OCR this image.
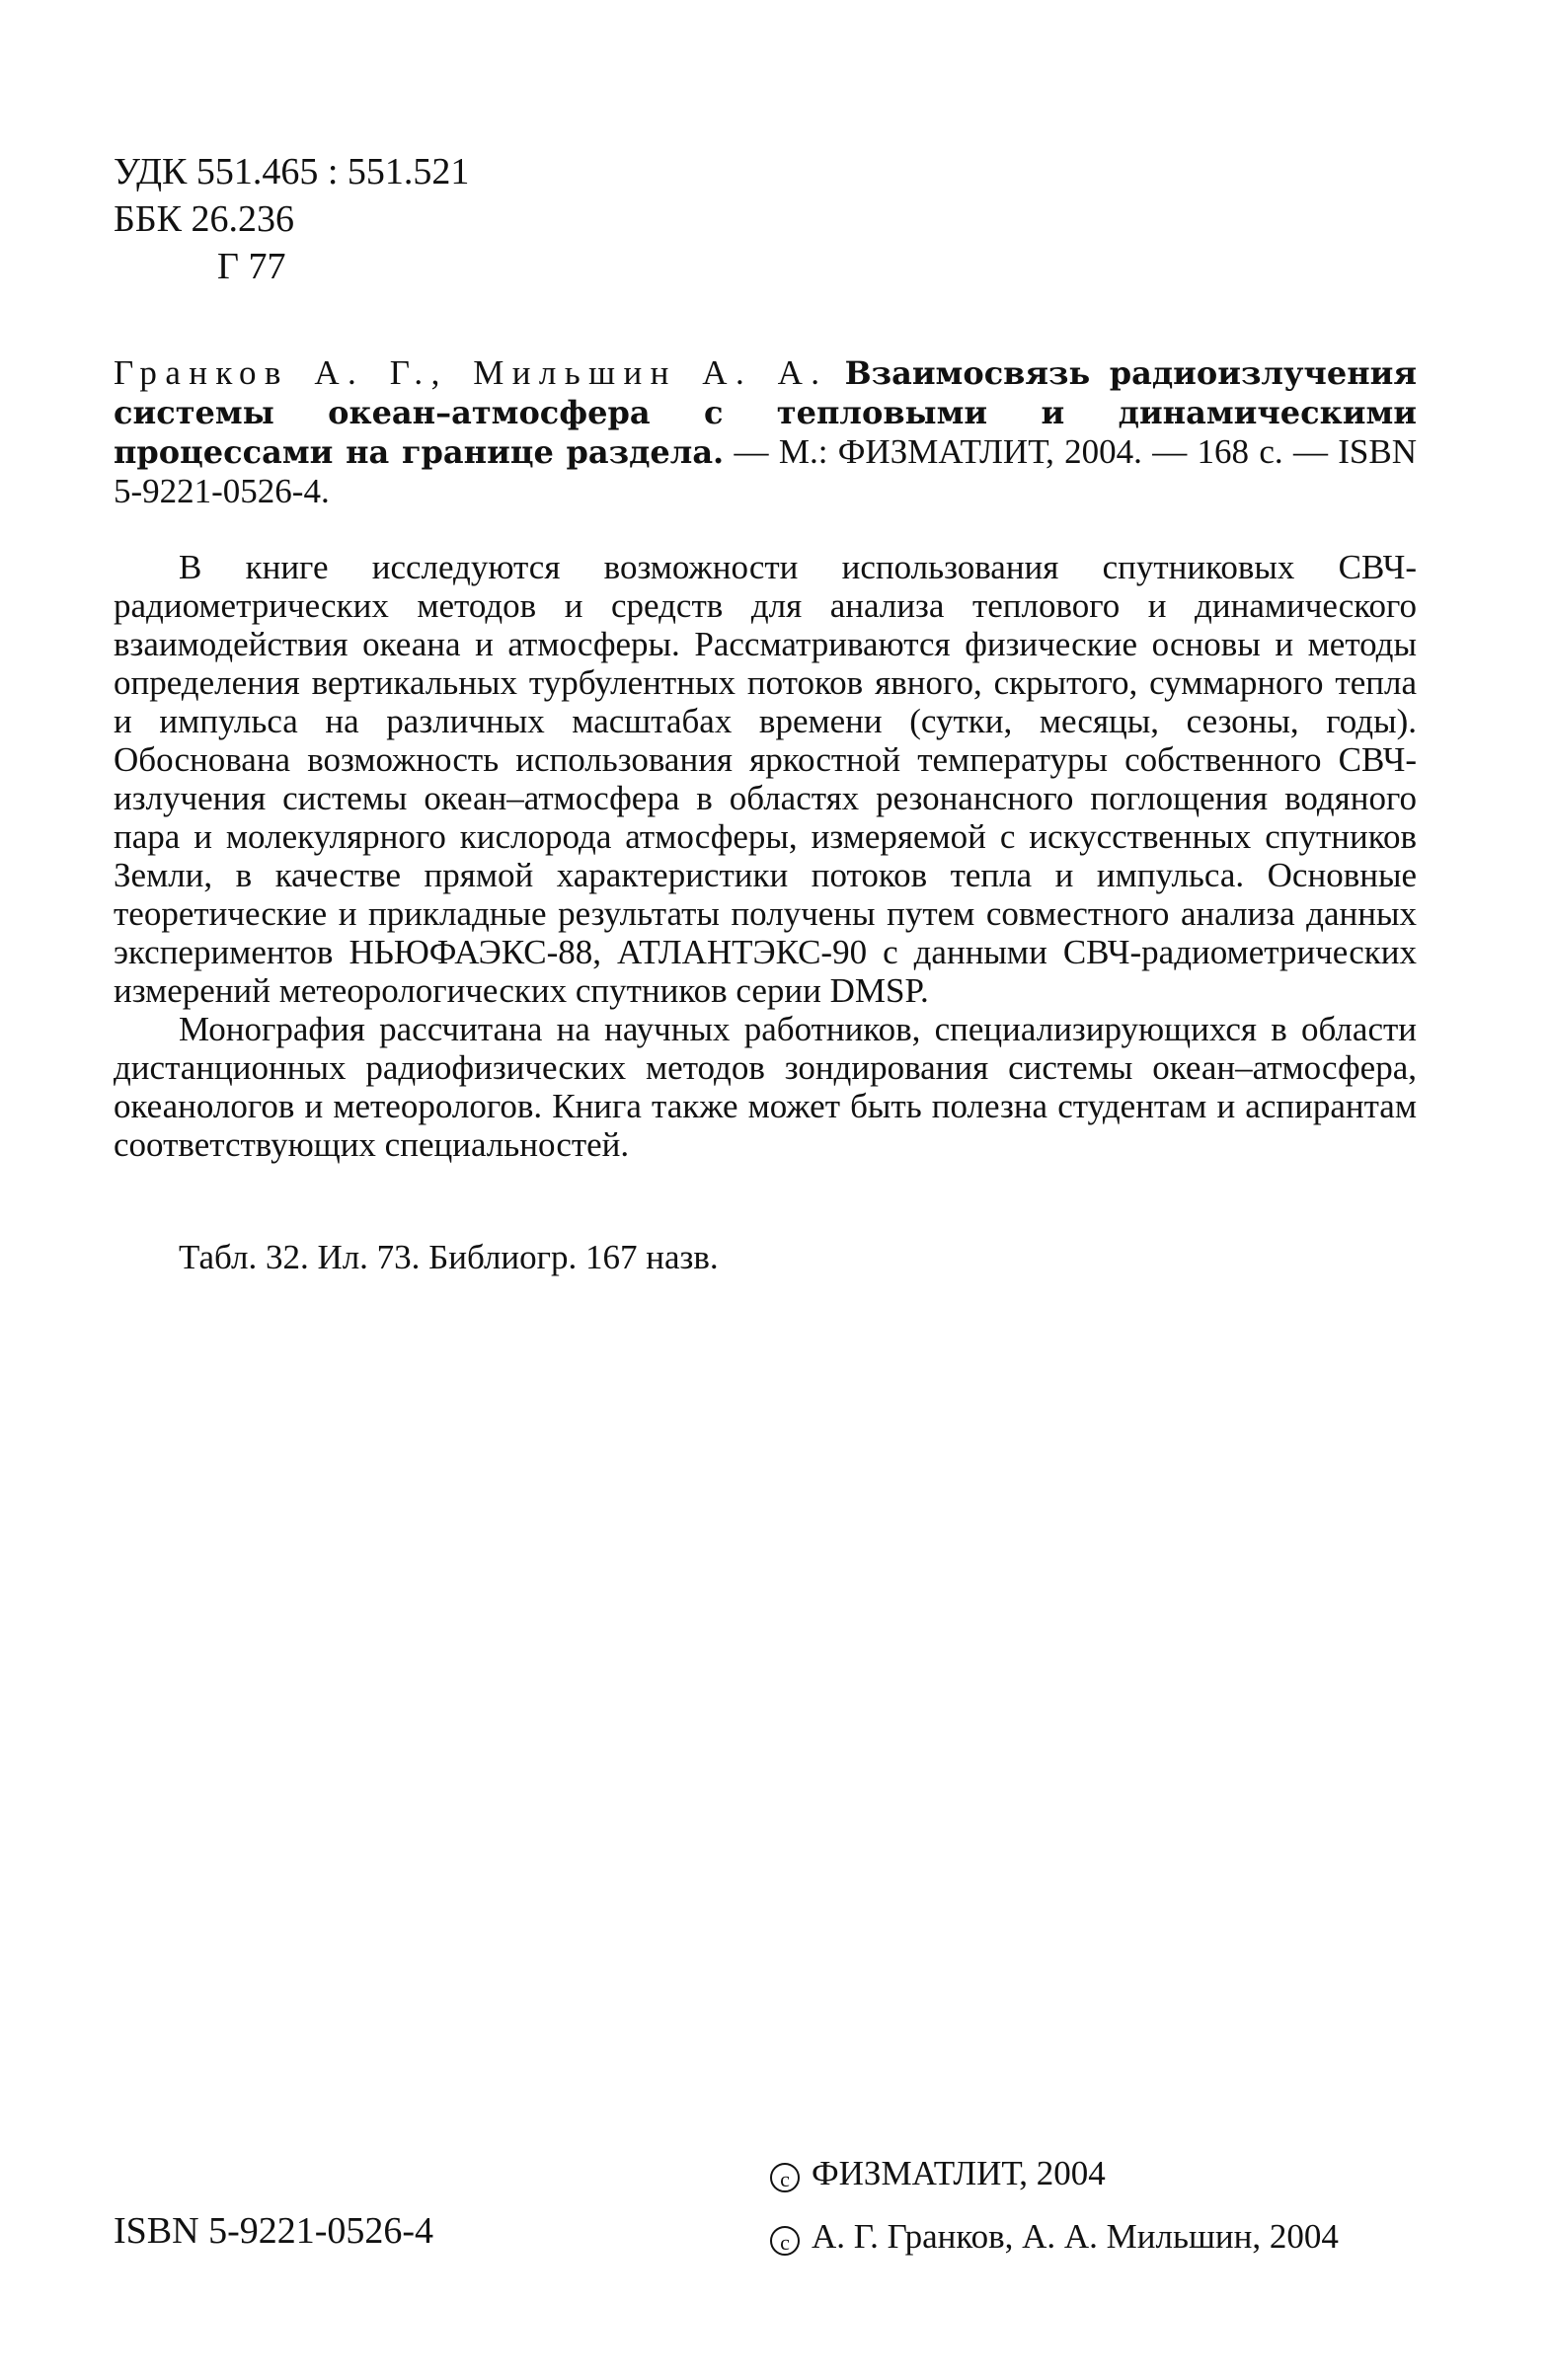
УДК 551.465 : 551.521
ББК 26.236
Г 77
Гранков А. Г., Мильшин А. А. Взаимосвязь радиоизлучения системы океан–атмосфера с тепловыми и динамическими процессами на границе раздела. — М.: ФИЗМАТЛИТ, 2004. — 168 с. — ISBN 5-9221-0526-4.

В книге исследуются возможности использования спутниковых СВЧ-радиометрических методов и средств для анализа теплового и динамического взаимодействия океана и атмосферы. Рассматриваются физические основы и методы определения вертикальных турбулентных потоков явного, скрытого, суммарного тепла и импульса на различных масштабах времени (сутки, месяцы, сезоны, годы). Обоснована возможность использования яркостной температуры собственного СВЧ-излучения системы океан–атмосфера в областях резонансного поглощения водяного пара и молекулярного кислорода атмосферы, измеряемой с искусственных спутников Земли, в качестве прямой характеристики потоков тепла и импульса. Основные теоретические и прикладные результаты получены путем совместного анализа данных экспериментов НЬЮФАЭКС-88, АТЛАНТЭКС-90 с данными СВЧ-радиометрических измерений метеорологических спутников серии DMSP.

Монография рассчитана на научных работников, специализирующихся в области дистанционных радиофизических методов зондирования системы океан–атмосфера, океанологов и метеорологов. Книга также может быть полезна студентам и аспирантам соответствующих специальностей.

Табл. 32. Ил. 73. Библиогр. 167 назв.
ISBN 5-9221-0526-4
c ФИЗМАТЛИТ, 2004
c А. Г. Гранков, А. А. Мильшин, 2004
